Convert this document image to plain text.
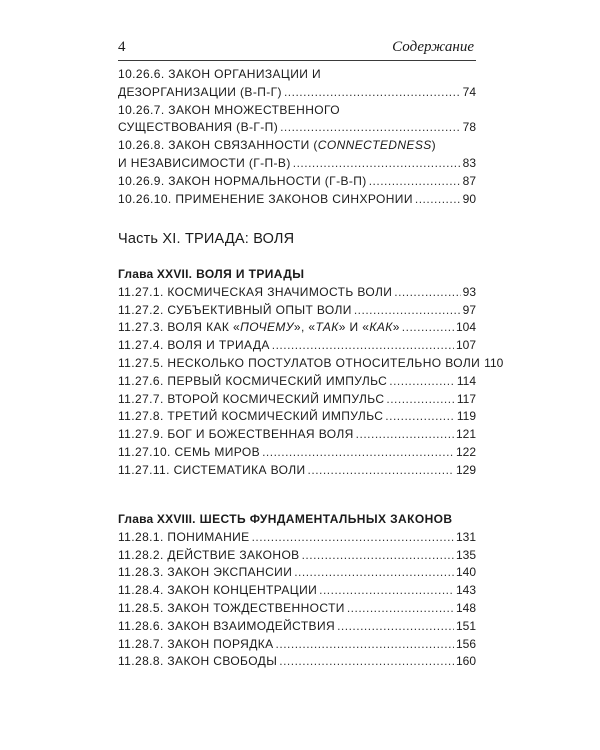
4	Содержание
10.26.6. ЗАКОН ОРГАНИЗАЦИИ И
ДЕЗОРГАНИЗАЦИИ (В-П-Г) .....	74
10.26.7. ЗАКОН МНОЖЕСТВЕННОГО
СУЩЕСТВОВАНИЯ (В-Г-П) .....	78
10.26.8. ЗАКОН СВЯЗАННОСТИ (CONNECTEDNESS)
И НЕЗАВИСИМОСТИ (Г-П-В) .....	83
10.26.9. ЗАКОН НОРМАЛЬНОСТИ (Г-В-П) .....	87
10.26.10. ПРИМЕНЕНИЕ ЗАКОНОВ СИНХРОНИИ .....	90
Часть XI. ТРИАДА: ВОЛЯ
Глава XXVII. ВОЛЯ И ТРИАДЫ
11.27.1. КОСМИЧЕСКАЯ ЗНАЧИМОСТЬ ВОЛИ .....	93
11.27.2. СУБЪЕКТИВНЫЙ ОПЫТ ВОЛИ .....	97
11.27.3. ВОЛЯ КАК «ПОЧЕМУ», «ТАК» И «КАК» .....	104
11.27.4. ВОЛЯ И ТРИАДА .....	107
11.27.5. НЕСКОЛЬКО ПОСТУЛАТОВ ОТНОСИТЕЛЬНО ВОЛИ 110
11.27.6. ПЕРВЫЙ КОСМИЧЕСКИЙ ИМПУЛЬС .....	114
11.27.7. ВТОРОЙ КОСМИЧЕСКИЙ ИМПУЛЬС .....	117
11.27.8. ТРЕТИЙ КОСМИЧЕСКИЙ ИМПУЛЬС .....	119
11.27.9. БОГ И БОЖЕСТВЕННАЯ ВОЛЯ .....	121
11.27.10. СЕМЬ МИРОВ .....	122
11.27.11. СИСТЕМАТИКА ВОЛИ .....	129
Глава XXVIII. ШЕСТЬ ФУНДАМЕНТАЛЬНЫХ ЗАКОНОВ
11.28.1. ПОНИМАНИЕ .....	131
11.28.2. ДЕЙСТВИЕ ЗАКОНОВ .....	135
11.28.3. ЗАКОН ЭКСПАНСИИ .....	140
11.28.4. ЗАКОН КОНЦЕНТРАЦИИ .....	143
11.28.5. ЗАКОН ТОЖДЕСТВЕННОСТИ .....	148
11.28.6. ЗАКОН ВЗАИМОДЕЙСТВИЯ .....	151
11.28.7. ЗАКОН ПОРЯДКА .....	156
11.28.8. ЗАКОН СВОБОДЫ .....	160
